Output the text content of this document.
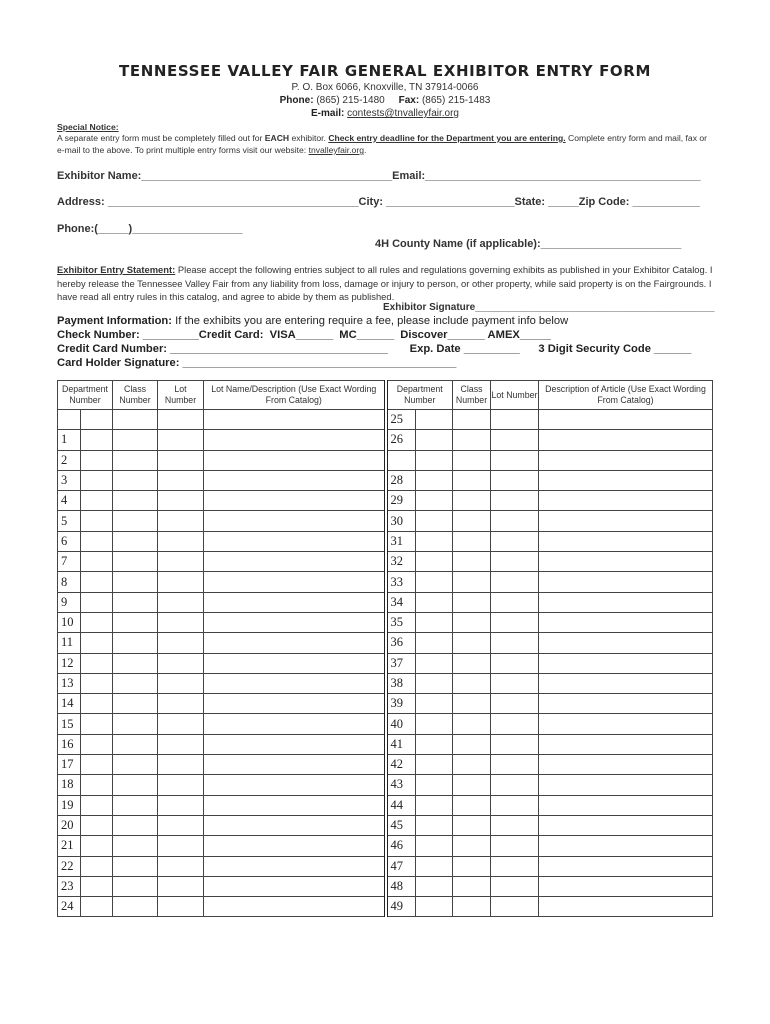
TENNESSEE VALLEY FAIR GENERAL EXHIBITOR ENTRY FORM
P. O. Box 6066, Knoxville, TN 37914-0066
Phone: (865) 215-1480 Fax: (865) 215-1483
E-mail: contests@tnvalleyfair.org
Special Notice:
A separate entry form must be completely filled out for EACH exhibitor. Check entry deadline for the Department you are entering. Complete entry form and mail, fax or e-mail to the above. To print multiple entry forms visit our website: tnvalleyfair.org.
Exhibitor Name:_________________________________________Email:_____________________________________________
Address: _________________________________________City: _____________________State: _____Zip Code: ___________
Phone:(_____)__________________
4H County Name (if applicable):_______________________
Exhibitor Entry Statement: Please accept the following entries subject to all rules and regulations governing exhibits as published in your Exhibitor Catalog. I hereby release the Tennessee Valley Fair from any liability from loss, damage or injury to person, or other property, while said property is on the Fairgrounds. I have read all entry rules in this catalog, and agree to abide by them as published.
Exhibitor Signature___________________________________________
Payment Information: If the exhibits you are entering require a fee, please include payment info below
Check Number: _________Credit Card:  VISA______  MC______  Discover______ AMEX_____
Credit Card Number: ___________________________________       Exp. Date _________      3 Digit Security Code ______
Card Holder Signature: ____________________________________________
Department Number		Class Number	Lot Number	Lot Name/Description (Use Exact Wording From Catalog)	Department Number		Class Number	Lot Number	Description of Article (Use Exact Wording From Catalog)
					25				
1					26				
2									
3					28				
4					29				
5					30				
6					31				
7					32				
8					33				
9					34				
10					35				
11					36				
12					37				
13					38				
14					39				
15					40				
16					41				
17					42				
18					43				
19					44				
20					45				
21					46				
22					47				
23					48				
24					49				
